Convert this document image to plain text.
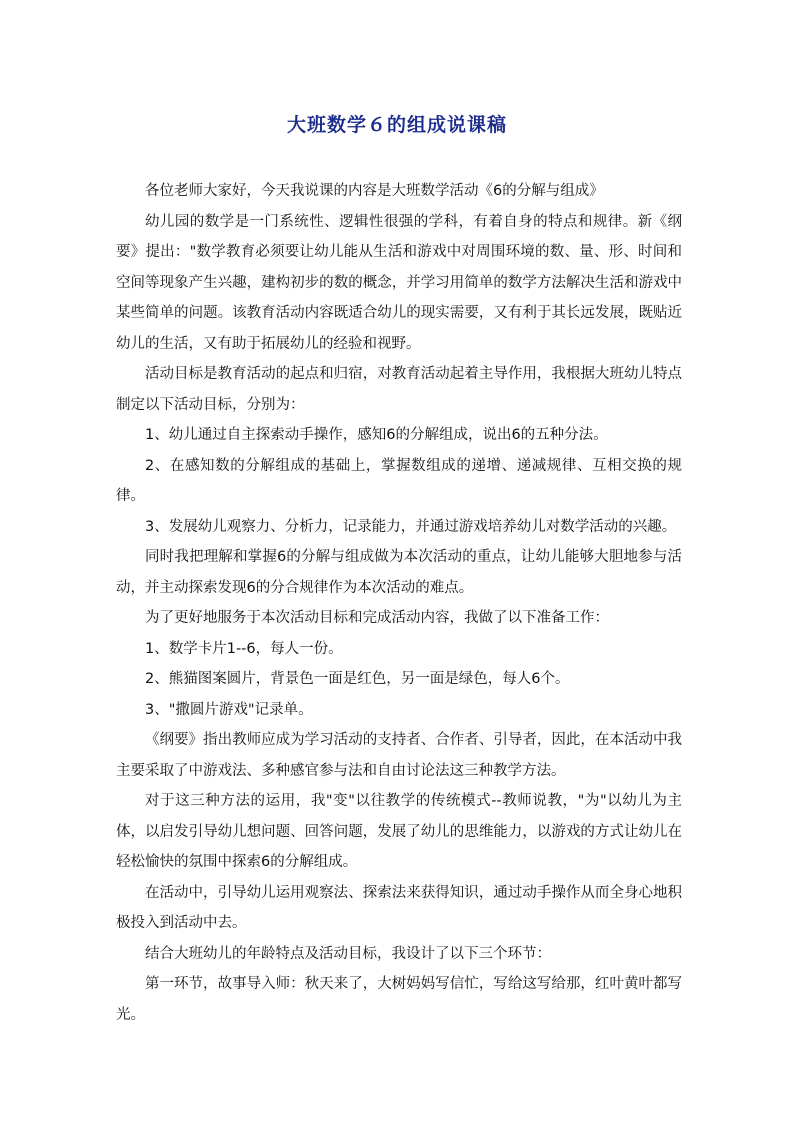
大班数学６的组成说课稿

各位老师大家好，今天我说课的内容是大班数学活动《6的分解与组成》

幼儿园的数学是一门系统性、逻辑性很强的学科，有着自身的特点和规律。新《纲要》提出："数学教育必须要让幼儿能从生活和游戏中对周围环境的数、量、形、时间和空间等现象产生兴趣，建构初步的数的概念，并学习用简单的数学方法解决生活和游戏中某些简单的问题。该教育活动内容既适合幼儿的现实需要，又有利于其长远发展，既贴近幼儿的生活，又有助于拓展幼儿的经验和视野。

活动目标是教育活动的起点和归宿，对教育活动起着主导作用，我根据大班幼儿特点制定以下活动目标，分别为：

1、幼儿通过自主探索动手操作，感知6的分解组成，说出6的五种分法。

2、在感知数的分解组成的基础上，掌握数组成的递增、递减规律、互相交换的规律。

3、发展幼儿观察力、分析力，记录能力，并通过游戏培养幼儿对数学活动的兴趣。

同时我把理解和掌握6的分解与组成做为本次活动的重点，让幼儿能够大胆地参与活动，并主动探索发现6的分合规律作为本次活动的难点。

为了更好地服务于本次活动目标和完成活动内容，我做了以下准备工作：

1、数学卡片1--6，每人一份。

2、熊猫图案圆片，背景色一面是红色，另一面是绿色，每人6个。

3、"撒圆片游戏"记录单。

《纲要》指出教师应成为学习活动的支持者、合作者、引导者，因此，在本活动中我主要采取了中游戏法、多种感官参与法和自由讨论法这三种教学方法。

对于这三种方法的运用，我"变"以往教学的传统模式--教师说教，"为"以幼儿为主体，以启发引导幼儿想问题、回答问题，发展了幼儿的思维能力，以游戏的方式让幼儿在轻松愉快的氛围中探索6的分解组成。

在活动中，引导幼儿运用观察法、探索法来获得知识，通过动手操作从而全身心地积极投入到活动中去。

结合大班幼儿的年龄特点及活动目标，我设计了以下三个环节：

第一环节，故事导入师：秋天来了，大树妈妈写信忙，写给这写给那，红叶黄叶都写光。
